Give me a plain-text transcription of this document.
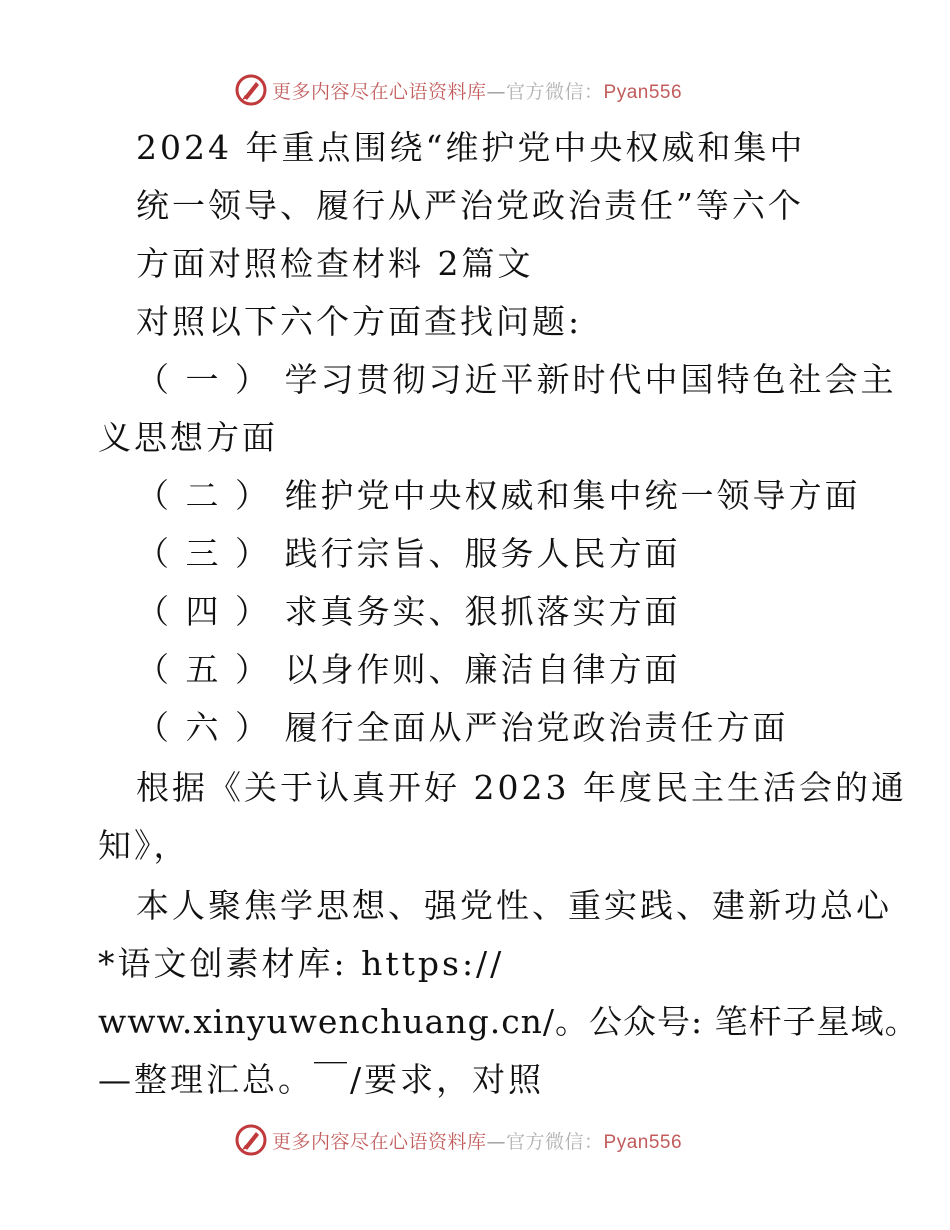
更多内容尽在心语资料库—官方微信：Pyan556
2024 年重点围绕“维护党中央权威和集中
统一领导、履行从严治党政治责任”等六个
方面对照检查材料 2篇文
对照以下六个方面查找问题:
（ 一 ） 学习贯彻习近平新时代中国特色社会主
义思想方面
（ 二 ） 维护党中央权威和集中统一领导方面
（ 三 ） 践行宗旨、服务人民方面
（ 四 ） 求真务实、狠抓落实方面
（ 五 ） 以身作则、廉洁自律方面
（ 六 ） 履行全面从严治党政治责任方面
根据《关于认真开好 2023 年度民主生活会的通
知》，
本人聚焦学思想、强党性、重实践、建新功总心
*语文创素材库: https://
www.xinyuwenchuang.cn/。公众号: 笔杆子星域。
—整理汇总。￣/要求，对照
更多内容尽在心语资料库—官方微信：Pyan556
